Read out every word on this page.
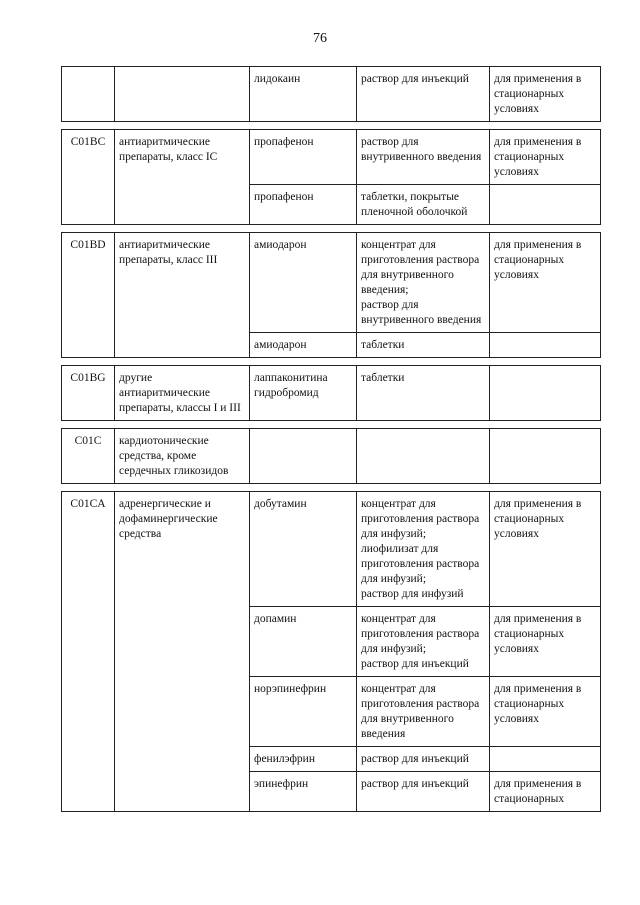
76
		лидокаин	раствор для инъекций	для применения в стационарных условиях

C01BC	антиаритмические препараты, класс IC	пропафенон	раствор для внутривенного введения	для применения в стационарных условиях
		пропафенон	таблетки, покрытые пленочной оболочкой	

C01BD	антиаритмические препараты, класс III	амиодарон	концентрат для приготовления раствора для внутривенного введения;
раствор для внутривенного введения	для применения в стационарных условиях
		амиодарон	таблетки	

C01BG	другие антиаритмические препараты, классы I и III	лаппаконитина гидробромид	таблетки	

C01C	кардиотонические средства, кроме сердечных гликозидов		

C01CA	адренергические и дофаминергические средства	добутамин	концентрат для приготовления раствора для инфузий;
лиофилизат для приготовления раствора для инфузий;
раствор для инфузий	для применения в стационарных условиях
		допамин	концентрат для приготовления раствора для инфузий;
раствор для инъекций	для применения в стационарных условиях
		норэпинефрин	концентрат для приготовления раствора для внутривенного введения	для применения в стационарных условиях
		фенилэфрин	раствор для инъекций	

		эпинефрин	раствор для инъекций	для применения в стационарных
